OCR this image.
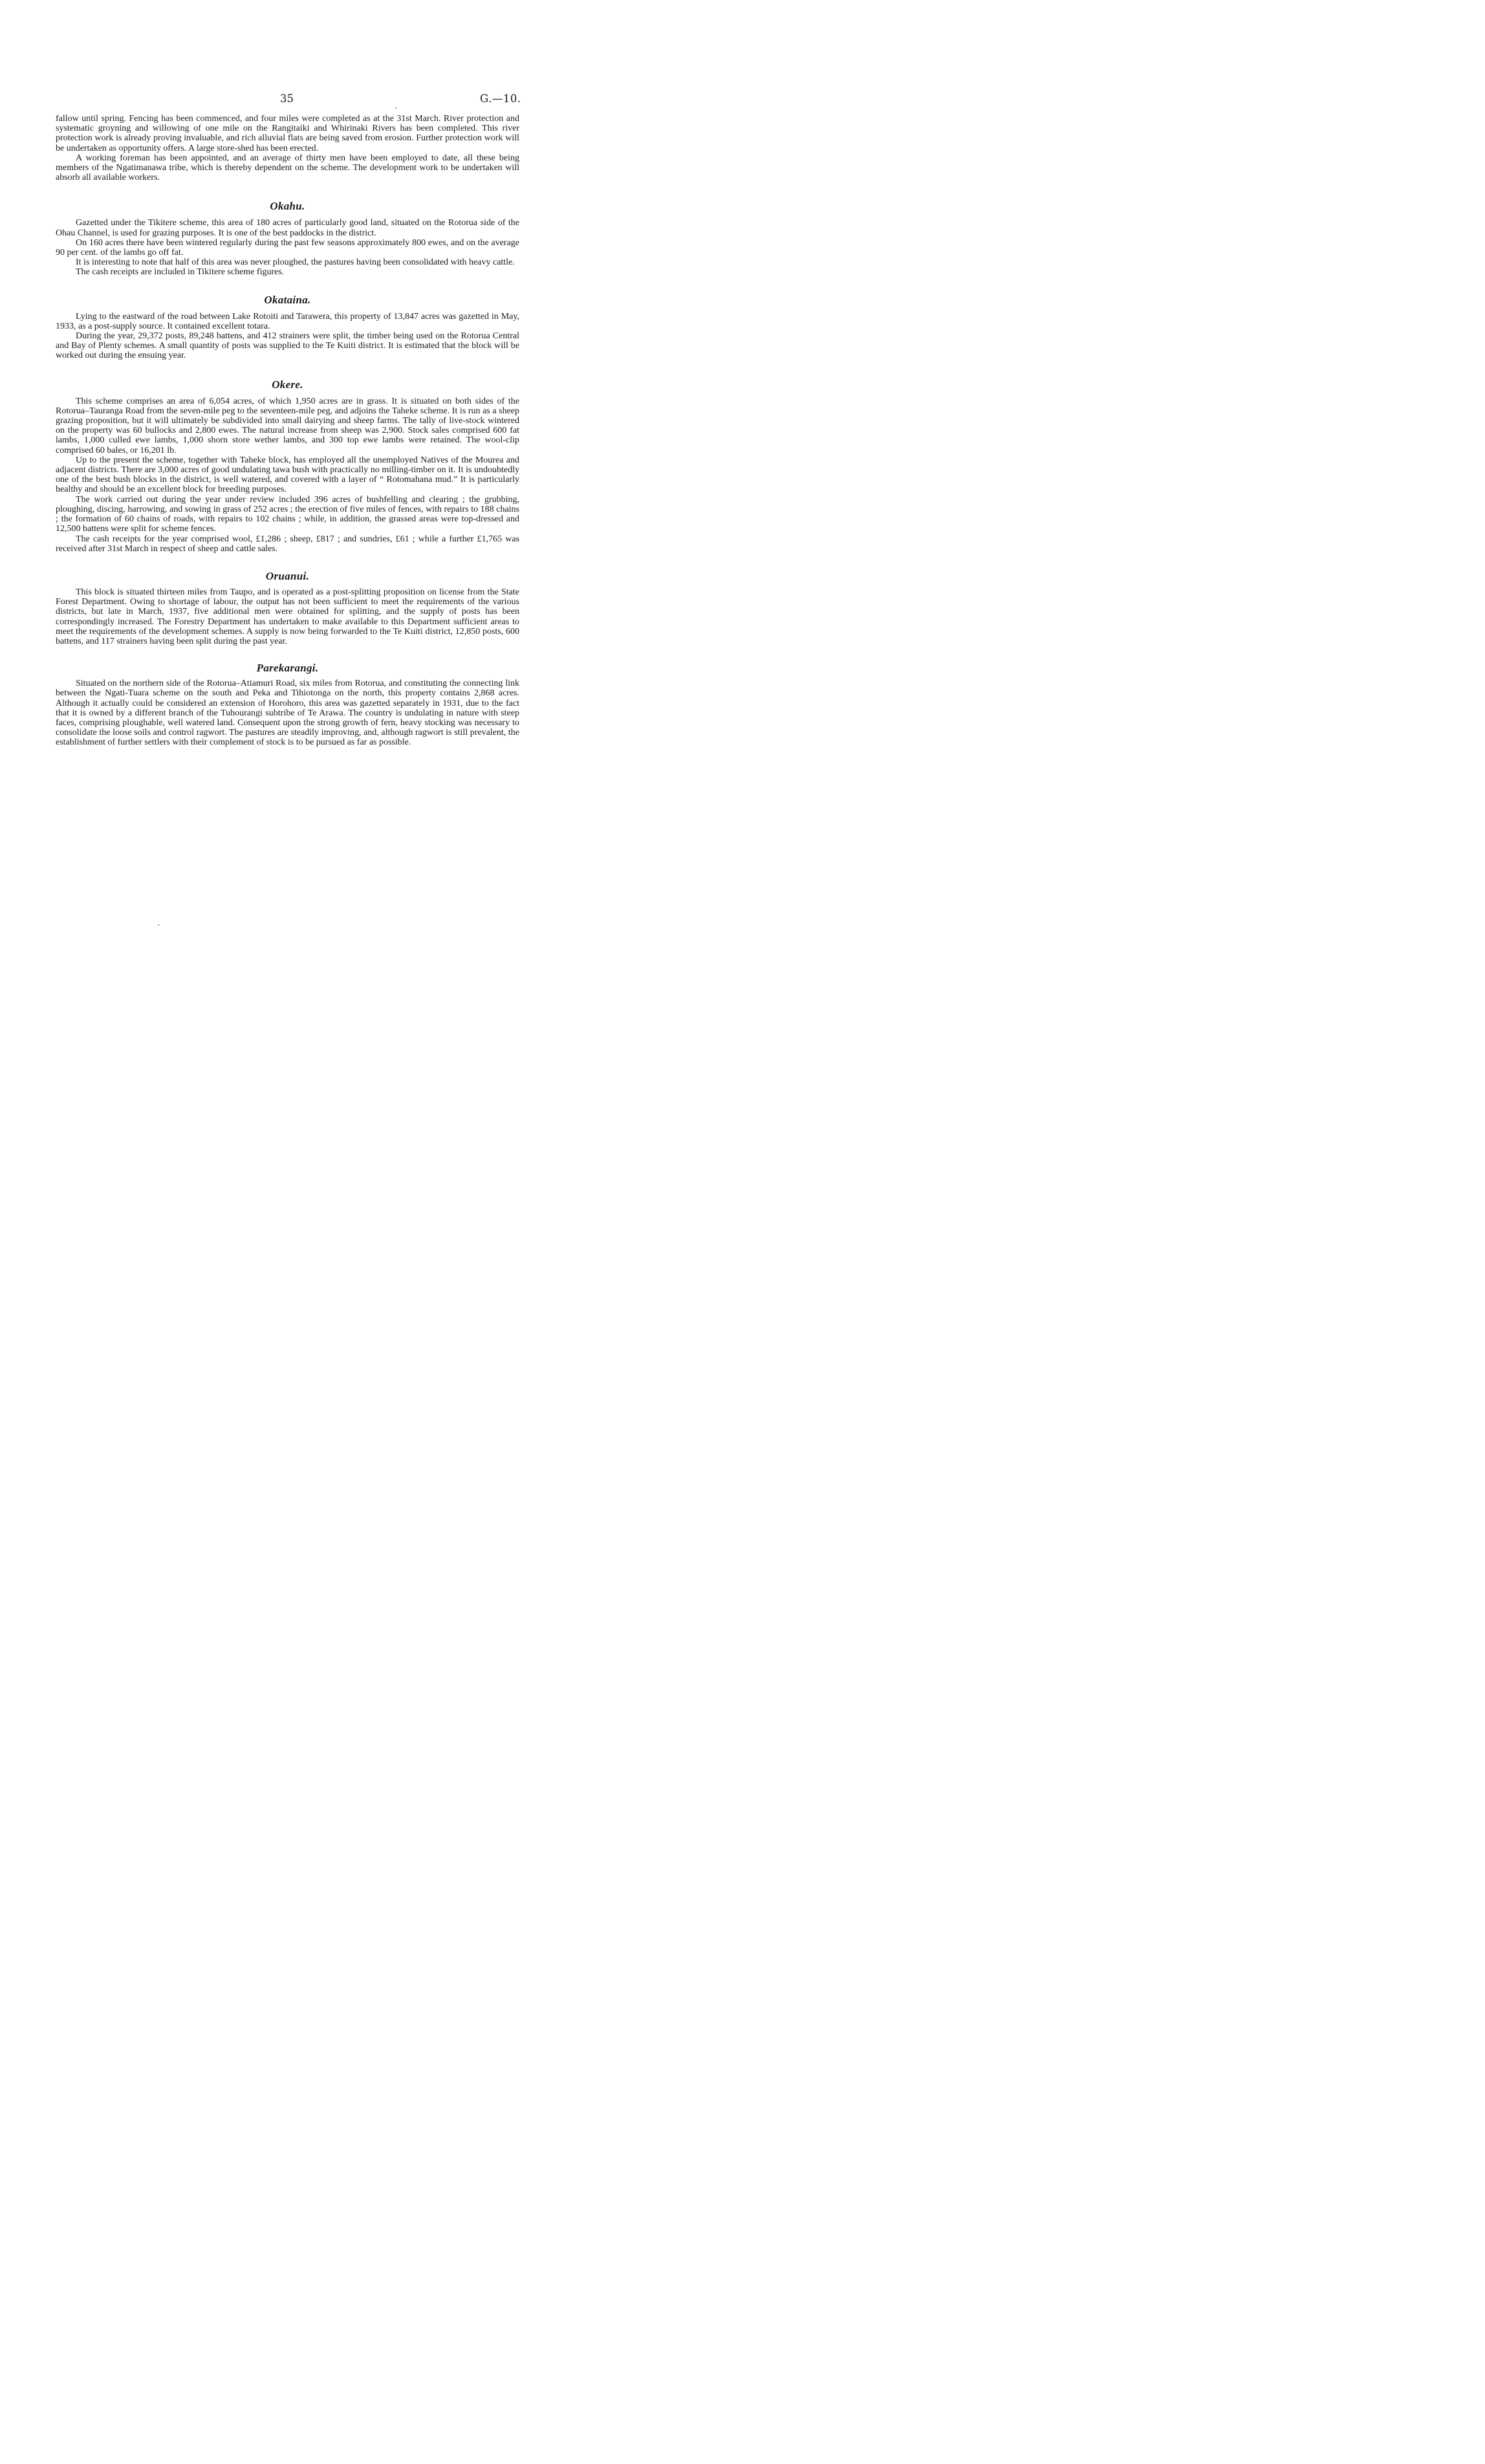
35	G.—10.

fallow until spring. Fencing has been commenced, and four miles were completed as at the 31st March. River protection and systematic groyning and willowing of one mile on the Rangitaiki and Whirinaki Rivers has been completed. This river protection work is already proving invaluable, and rich alluvial flats are being saved from erosion. Further protection work will be undertaken as opportunity offers. A large store-shed has been erected.

A working foreman has been appointed, and an average of thirty men have been employed to date, all these being members of the Ngatimanawa tribe, which is thereby dependent on the scheme. The development work to be undertaken will absorb all available workers.

Okahu.

Gazetted under the Tikitere scheme, this area of 180 acres of particularly good land, situated on the Rotorua side of the Ohau Channel, is used for grazing purposes. It is one of the best paddocks in the district.

On 160 acres there have been wintered regularly during the past few seasons approximately 800 ewes, and on the average 90 per cent. of the lambs go off fat.

It is interesting to note that half of this area was never ploughed, the pastures having been consolidated with heavy cattle.

The cash receipts are included in Tikitere scheme figures.

Okataina.

Lying to the eastward of the road between Lake Rotoiti and Tarawera, this property of 13,847 acres was gazetted in May, 1933, as a post-supply source. It contained excellent totara.

During the year, 29,372 posts, 89,248 battens, and 412 strainers were split, the timber being used on the Rotorua Central and Bay of Plenty schemes. A small quantity of posts was supplied to the Te Kuiti district. It is estimated that the block will be worked out during the ensuing year.

Okere.

This scheme comprises an area of 6,054 acres, of which 1,950 acres are in grass. It is situated on both sides of the Rotorua–Tauranga Road from the seven-mile peg to the seventeen-mile peg, and adjoins the Taheke scheme. It is run as a sheep grazing proposition, but it will ultimately be subdivided into small dairying and sheep farms. The tally of live-stock wintered on the property was 60 bullocks and 2,800 ewes. The natural increase from sheep was 2,900. Stock sales comprised 600 fat lambs, 1,000 culled ewe lambs, 1,000 shorn store wether lambs, and 300 top ewe lambs were retained. The wool-clip comprised 60 bales, or 16,201 lb.

Up to the present the scheme, together with Taheke block, has employed all the unemployed Natives of the Mourea and adjacent districts. There are 3,000 acres of good undulating tawa bush with practically no milling-timber on it. It is undoubtedly one of the best bush blocks in the district, is well watered, and covered with a layer of “ Rotomahana mud.” It is particularly healthy and should be an excellent block for breeding purposes.

The work carried out during the year under review included 396 acres of bushfelling and clearing ; the grubbing, ploughing, discing, harrowing, and sowing in grass of 252 acres ; the erection of five miles of fences, with repairs to 188 chains ; the formation of 60 chains of roads, with repairs to 102 chains ; while, in addition, the grassed areas were top-dressed and 12,500 battens were split for scheme fences.

The cash receipts for the year comprised wool, £1,286 ; sheep, £817 ; and sundries, £61 ; while a further £1,765 was received after 31st March in respect of sheep and cattle sales.

Oruanui.

This block is situated thirteen miles from Taupo, and is operated as a post-splitting proposition on license from the State Forest Department. Owing to shortage of labour, the output has not been sufficient to meet the requirements of the various districts, but late in March, 1937, five additional men were obtained for splitting, and the supply of posts has been correspondingly increased. The Forestry Department has undertaken to make available to this Department sufficient areas to meet the requirements of the development schemes. A supply is now being forwarded to the Te Kuiti district, 12,850 posts, 600 battens, and 117 strainers having been split during the past year.

Parekarangi.

Situated on the northern side of the Rotorua–Atiamuri Road, six miles from Rotorua, and constituting the connecting link between the Ngati-Tuara scheme on the south and Peka and Tihiotonga on the north, this property contains 2,868 acres. Although it actually could be considered an extension of Horohoro, this area was gazetted separately in 1931, due to the fact that it is owned by a different branch of the Tuhourangi subtribe of Te Arawa. The country is undulating in nature with steep faces, comprising ploughable, well watered land. Consequent upon the strong growth of fern, heavy stocking was necessary to consolidate the loose soils and control ragwort. The pastures are steadily improving, and, although ragwort is still prevalent, the establishment of further settlers with their complement of stock is to be pursued as far as possible.
